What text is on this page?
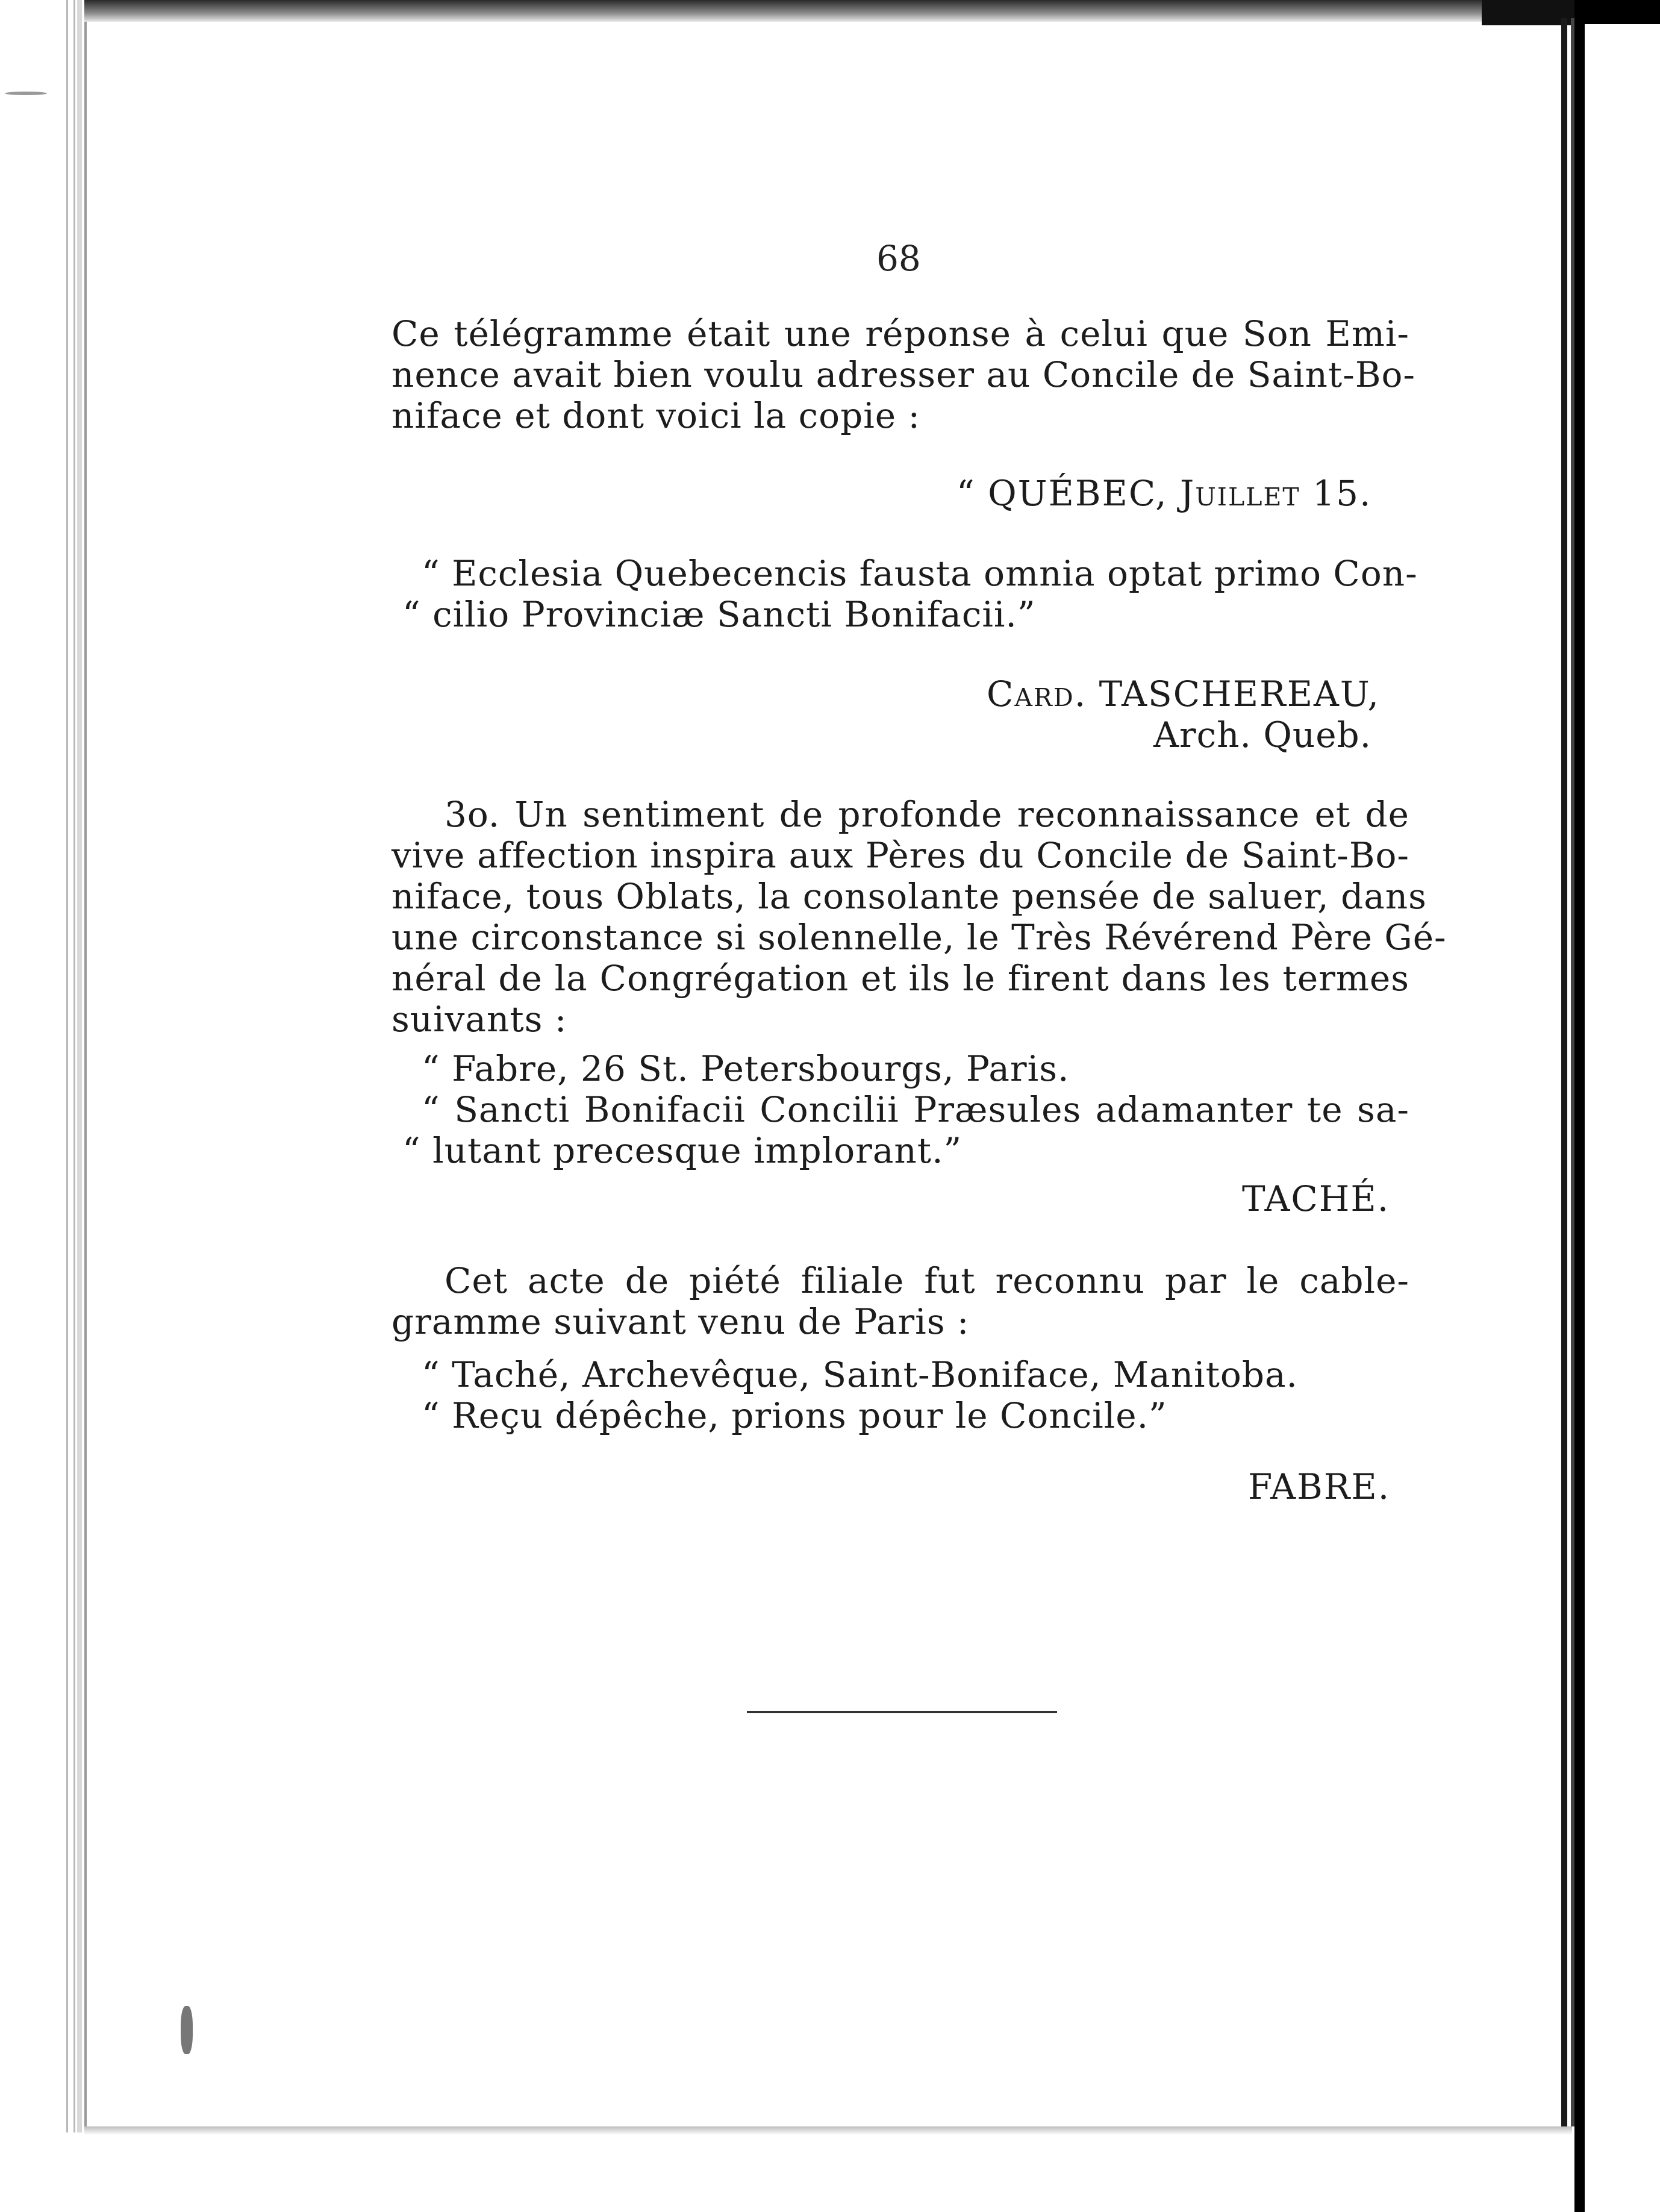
68
Ce télégramme était une réponse à celui que Son Emi-
nence avait bien voulu adresser au Concile de Saint-Bo-
niface et dont voici la copie :
“ QUÉBEC, Juillet 15.
“ Ecclesia Quebecencis fausta omnia optat primo Con-
“ cilio Provinciæ Sancti Bonifacii.”
Card. TASCHEREAU,
Arch. Queb.
3o. Un sentiment de profonde reconnaissance et de
vive affection inspira aux Pères du Concile de Saint-Bo-
niface, tous Oblats, la consolante pensée de saluer, dans
une circonstance si solennelle, le Très Révérend Père Gé-
néral de la Congrégation et ils le firent dans les termes
suivants :
“ Fabre, 26 St. Petersbourgs, Paris.
“ Sancti Bonifacii Concilii Præsules adamanter te sa-
“ lutant precesque implorant.”
TACHÉ.
Cet acte de piété filiale fut reconnu par le cable-
gramme suivant venu de Paris :
“ Taché, Archevêque, Saint-Boniface, Manitoba.
“ Reçu dépêche, prions pour le Concile.”
FABRE.
